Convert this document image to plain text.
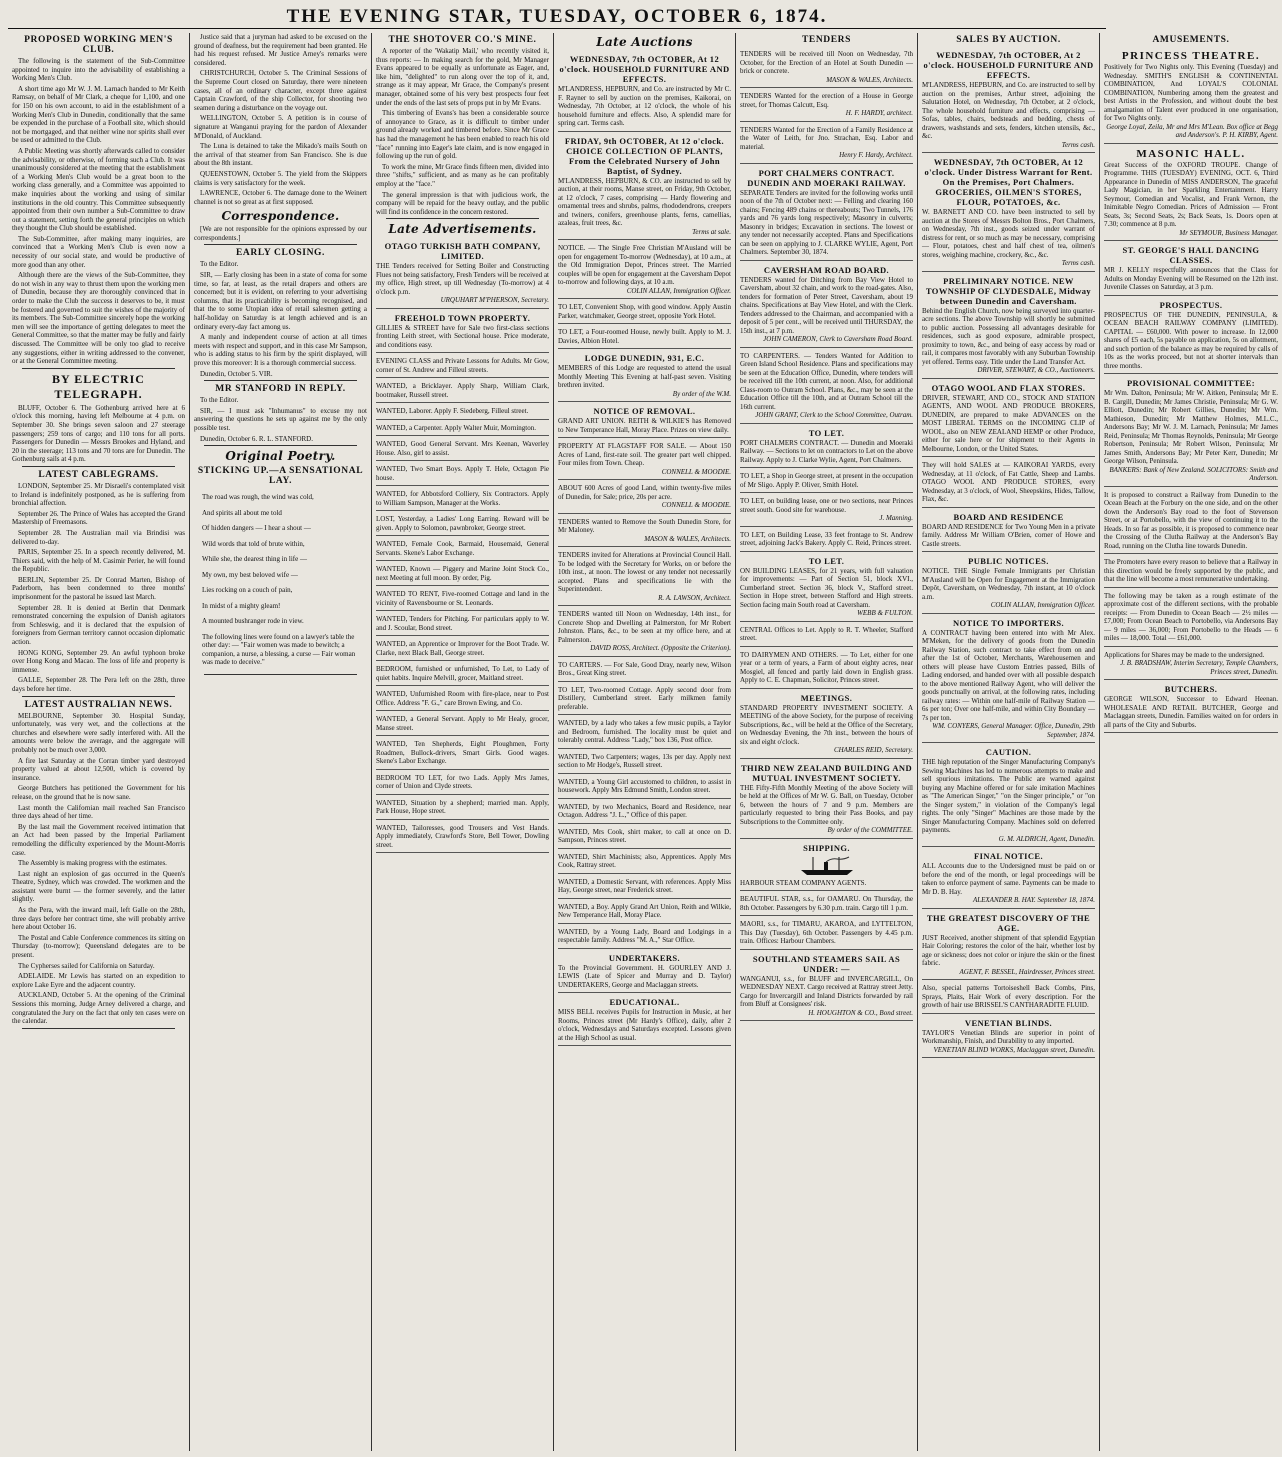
THE EVENING STAR, TUESDAY, OCTOBER 6, 1874.
PROPOSED WORKING MEN'S CLUB.

The following is the statement of the Sub-Committee appointed to inquire into the advisability of establishing a Working Men's Club.

A short time ago Mr W. J. M. Larnach handed to Mr Keith Ramsay, on behalf of Mr Clark, a cheque for 1,100, and one for 150 on his own account, to aid in the establishment of a Working Men's Club in Dunedin, conditionally that the same be expended in the purchase of a Football site, which should not be mortgaged, and that neither wine nor spirits shall ever be used or admitted to the Club.

A Public Meeting was shortly afterwards called to consider the advisability, or otherwise, of forming such a Club. It was unanimously considered at the meeting that the establishment of a Working Men's Club would be a great boon to the working class generally, and a Committee was appointed to make inquiries about the working and using of similar institutions in the old country. This Committee subsequently appointed from their own number a Sub-Committee to draw out a statement, setting forth the general principles on which they thought the Club should be established.

The Sub-Committee, after making many inquiries, are convinced that a Working Men's Club is even now a necessity of our social state, and would be productive of more good than any other.

Although there are the views of the Sub-Committee, they do not wish in any way to thrust them upon the working men of Dunedin, because they are thoroughly convinced that in order to make the Club the success it deserves to be, it must be fostered and governed to suit the wishes of the majority of its members. The Sub-Committee sincerely hope the working men will see the importance of getting delegates to meet the General Committee, so that the matter may be fully and fairly discussed. The Committee will be only too glad to receive any suggestions, either in writing addressed to the convener, or at the General Committee meeting.

BY ELECTRIC TELEGRAPH.

BLUFF, October 6. The Gothenburg arrived here at 6 o'clock this morning, having left Melbourne at 4 p.m. on September 30. She brings seven saloon and 27 steerage passengers; 259 tons of cargo; and 110 tons for all ports. Passengers for Dunedin — Messrs Brookes and Hyland, and 20 in the steerage; 113 tons and 70 tons are for Dunedin. The Gothenburg sails at 4 p.m.

LATEST CABLEGRAMS.

LONDON, September 25. Mr Disraeli's contemplated visit to Ireland is indefinitely postponed, as he is suffering from bronchial affection.

September 26. The Prince of Wales has accepted the Grand Mastership of Freemasons.

September 28. The Australian mail via Brindisi was delivered to-day.

PARIS, September 25. In a speech recently delivered, M. Thiers said, with the help of M. Casimir Perier, he will found the Republic.

BERLIN, September 25. Dr Conrad Marten, Bishop of Paderborn, has been condemned to three months' imprisonment for the pastoral he issued last March.

September 28. It is denied at Berlin that Denmark remonstrated concerning the expulsion of Danish agitators from Schleswig, and it is declared that the expulsion of foreigners from German territory cannot occasion diplomatic action.

HONG KONG, September 29. An awful typhoon broke over Hong Kong and Macao. The loss of life and property is immense.

GALLE, September 28. The Pera left on the 28th, three days before her time.

LATEST AUSTRALIAN NEWS.

MELBOURNE, September 30. Hospital Sunday, unfortunately, was very wet, and the collections at the churches and elsewhere were sadly interfered with. All the amounts were below the average, and the aggregate will probably not be much over 3,000.

A fire last Saturday at the Corran timber yard destroyed property valued at about 12,500, which is covered by insurance.

George Butchers has petitioned the Government for his release, on the ground that he is now sane.

Last month the Californian mail reached San Francisco three days ahead of her time.

By the last mail the Government received intimation that an Act had been passed by the Imperial Parliament remodelling the difficulty experienced by the Mount-Morris case.

The Assembly is making progress with the estimates.

Last night an explosion of gas occurred in the Queen's Theatre, Sydney, which was crowded. The workmen and the assistant were burnt — the former severely, and the latter slightly.

As the Pera, with the inward mail, left Galle on the 28th, three days before her contract time, she will probably arrive here about October 16.

The Postal and Cable Conference commences its sitting on Thursday (to-morrow); Queensland delegates are to be present.

The Cypherses sailed for California on Saturday.

ADELAIDE. Mr Lewis has started on an expedition to explore Lake Eyre and the adjacent country.

AUCKLAND, October 5. At the opening of the Criminal Sessions this morning, Judge Arney delivered a charge, and congratulated the Jury on the fact that only ten cases were on the calendar.

Justice said that a juryman had asked to be excused on the ground of deafness, but the requirement had been granted. He had his request refused. Mr Justice Arney's remarks were considered.

CHRISTCHURCH, October 5. The Criminal Sessions of the Supreme Court closed on Saturday, there were nineteen cases, all of an ordinary character, except three against Captain Crawford, of the ship Collector, for shooting two seamen during a disturbance on the voyage out.

WELLINGTON, October 5. A petition is in course of signature at Wanganui praying for the pardon of Alexander M'Donald, of Auckland.

The Luna is detained to take the Mikado's mails South on the arrival of that steamer from San Francisco. She is due about the 8th instant.

QUEENSTOWN, October 5. The yield from the Skippers claims is very satisfactory for the week.

LAWRENCE, October 6. The damage done to the Weinert channel is not so great as at first supposed.

Correspondence.

[We are not responsible for the opinions expressed by our correspondents.]

EARLY CLOSING.

To the Editor.

SIR, — Early closing has been in a state of coma for some time, so far, at least, as the retail drapers and others are concerned; but it is evident, on referring to your advertising columns, that its practicability is becoming recognised, and that the to some Utopian idea of retail salesmen getting a half-holiday on Saturday is at length achieved and is an ordinary every-day fact among us.

A manly and independent course of action at all times meets with respect and support, and in this case Mr Sampson, who is adding status to his firm by the spirit displayed, will prove this moreover: It is a thorough commercial success.

Dunedin, October 5. VIR.

MR STANFORD IN REPLY.

To the Editor.

SIR, — I must ask "Inhumanus" to excuse my not answering the questions he sets up against me by the only possible test.

Dunedin, October 6. R. L. STANFORD.

Original Poetry.
STICKING UP.—A SENSATIONAL LAY.

The road was rough, the wind was cold,

And spirits all about me told

Of hidden dangers — I hear a shout —

Wild words that told of brute within,

While she, the dearest thing in life —

My own, my best beloved wife —

Lies rocking on a couch of pain,

In midst of a mighty gleam!

A mounted bushranger rode in view.

The following lines were found on a lawyer's table the other day: — "Fair women was made to bewitch; a companion, a nurse, a blessing, a curse — Fair woman was made to deceive."

THE SHOTOVER CO.'S MINE.

A reporter of the 'Wakatip Mail,' who recently visited it, thus reports: — In making search for the gold, Mr Manager Evans appeared to be equally as unfortunate as Eager, and, like him, "delighted" to run along over the top of it, and, strange as it may appear, Mr Grace, the Company's present manager, obtained some of his very best prospects four feet under the ends of the last sets of props put in by Mr Evans.

This timbering of Evans's has been a considerable source of annoyance to Grace, as it is difficult to timber under ground already worked and timbered before. Since Mr Grace has had the management he has been enabled to reach his old "face" running into Eager's late claim, and is now engaged in following up the run of gold.

To work the mine, Mr Grace finds fifteen men, divided into three "shifts," sufficient, and as many as he can profitably employ at the "face."

The general impression is that with judicious work, the company will be repaid for the heavy outlay, and the public will find its confidence in the concern restored.

Late Advertisements.
OTAGO TURKISH BATH COMPANY, LIMITED.
THE Tenders received for Setting Boiler and Constructing Flues not being satisfactory, Fresh Tenders will be received at my office, High street, up till Wednesday (To-morrow) at 4 o'clock p.m.
URQUHART M'PHERSON, Secretary.
FREEHOLD TOWN PROPERTY.
GILLIES & STREET have for Sale two first-class sections fronting Leith street, with Sectional house. Price moderate, and conditions easy.
EVENING CLASS and Private Lessons for Adults. Mr Gow, corner of St. Andrew and Filleul streets.
WANTED, a Bricklayer. Apply Sharp, William Clark, bootmaker, Russell street.
WANTED, Laborer. Apply F. Siedeberg, Filleul street.
WANTED, a Carpenter. Apply Walter Muir, Mornington.
WANTED, Good General Servant. Mrs Keenan, Waverley House. Also, girl to assist.
WANTED, Two Smart Boys. Apply T. Hele, Octagon Pie house.
WANTED, for Abbotsford Colliery, Six Contractors. Apply to William Sampson, Manager at the Works.
LOST, Yesterday, a Ladies' Long Earring. Reward will be given. Apply to Solomon, pawnbroker, George street.
WANTED, Female Cook, Barmaid, Housemaid, General Servants. Skene's Labor Exchange.
WANTED, Known — Piggery and Marine Joint Stock Co., next Meeting at full moon. By order, Pig.
WANTED TO RENT, Five-roomed Cottage and land in the vicinity of Ravensbourne or St. Leonards.
WANTED, Tenders for Pitching. For particulars apply to W. and J. Scoular, Bond street.
WANTED, an Apprentice or Improver for the Boot Trade. W. Clarke, next Black Ball, George street.
BEDROOM, furnished or unfurnished, To Let, to Lady of quiet habits. Inquire Melvill, grocer, Maitland street.
WANTED, Unfurnished Room with fire-place, near to Post Office. Address "F. G.," care Brown Ewing, and Co.
WANTED, a General Servant. Apply to Mr Healy, grocer, Manse street.
WANTED, Ten Shepherds, Eight Ploughmen, Forty Roadmen, Bullock-drivers, Smart Girls. Good wages. Skene's Labor Exchange.
BEDROOM TO LET, for two Lads. Apply Mrs James, corner of Union and Clyde streets.
WANTED, Situation by a shepherd; married man. Apply, Park House, Hope street.
WANTED, Tailoresses, good Trousers and Vest Hands. Apply immediately, Crawford's Store, Bell Tower, Dowling street.
Late Auctions
WEDNESDAY, 7th OCTOBER, At 12 o'clock. HOUSEHOLD FURNITURE AND EFFECTS.
M'LANDRESS, HEPBURN, and Co. are instructed by Mr C. F. Rayner to sell by auction on the premises, Kaikorai, on Wednesday, 7th October, at 12 o'clock, the whole of his household furniture and effects. Also, A splendid mare for spring cart. Terms cash.
FRIDAY, 9th OCTOBER, At 12 o'clock. CHOICE COLLECTION OF PLANTS, From the Celebrated Nursery of John Baptist, of Sydney.
M'LANDRESS, HEPBURN, & CO. are instructed to sell by auction, at their rooms, Manse street, on Friday, 9th October, at 12 o'clock, 7 cases, comprising — Hardy flowering and ornamental trees and shrubs, palms, rhododendrons, creepers and twiners, conifers, greenhouse plants, ferns, camellias, azaleas, fruit trees, &c.
Terms at sale.
NOTICE. — The Single Free Christian M'Ausland will be open for engagement To-morrow (Wednesday), at 10 a.m., at the Old Immigration Depot, Princes street. The Married couples will be open for engagement at the Caversham Depot to-morrow and following days, at 10 a.m.
COLIN ALLAN, Immigration Officer.
TO LET, Convenient Shop, with good window. Apply Austin Parker, watchmaker, George street, opposite York Hotel.
TO LET, a Four-roomed House, newly built. Apply to M. J. Davies, Albion Hotel.
LODGE DUNEDIN, 931, E.C.
MEMBERS of this Lodge are requested to attend the usual Monthly Meeting This Evening at half-past seven. Visiting brethren invited.
By order of the W.M.
NOTICE OF REMOVAL.
GRAND ART UNION. REITH & WILKIE'S has Removed to New Temperance Hall, Moray Place. Prizes on view daily.
PROPERTY AT FLAGSTAFF FOR SALE. — About 150 Acres of Land, first-rate soil. The greater part well chipped. Four miles from Town. Cheap.
CONNELL & MOODIE.
ABOUT 600 Acres of good Land, within twenty-five miles of Dunedin, for Sale; price, 20s per acre.
CONNELL & MOODIE.
TENDERS wanted to Remove the South Dunedin Store, for Mr Maloney.
MASON & WALES, Architects.
TENDERS invited for Alterations at Provincial Council Hall. To be lodged with the Secretary for Works, on or before the 10th inst., at noon. The lowest or any tender not necessarily accepted. Plans and specifications lie with the Superintendent.
R. A. LAWSON, Architect.
TENDERS wanted till Noon on Wednesday, 14th inst., for Concrete Shop and Dwelling at Palmerston, for Mr Robert Johnston. Plans, &c., to be seen at my office here, and at Palmerston.
DAVID ROSS, Architect. (Opposite the Criterion).
TO CARTERS. — For Sale, Good Dray, nearly new, Wilson Bros., Great King street.
TO LET, Two-roomed Cottage. Apply second door from Distillery, Cumberland street. Early milkmen family preferable.
WANTED, by a lady who takes a few music pupils, a Taylor and Bedroom, furnished. The locality must be quiet and tolerably central. Address "Lady," box 136, Post office.
WANTED, Two Carpenters; wages, 13s per day. Apply next section to Mr Hodge's, Russell street.
WANTED, a Young Girl accustomed to children, to assist in housework. Apply Mrs Edmund Smith, London street.
WANTED, by two Mechanics, Board and Residence, near Octagon. Address "J. L.," Office of this paper.
WANTED, Mrs Cook, shirt maker, to call at once on D. Sampson, Princes street.
WANTED, Shirt Machinists; also, Apprentices. Apply Mrs Cook, Rattray street.
WANTED, a Domestic Servant, with references. Apply Miss Hay, George street, near Frederick street.
WANTED, a Boy. Apply Grand Art Union, Reith and Wilkie, New Temperance Hall, Moray Place.
WANTED, by a Young Lady, Board and Lodgings in a respectable family. Address "M. A.," Star Office.
UNDERTAKERS.
To the Provincial Government. H. GOURLEY AND J. LEWIS (Late of Spicer and Murray and D. Taylor) UNDERTAKERS, George and Maclaggan streets.
EDUCATIONAL.
MISS BELL receives Pupils for Instruction in Music, at her Rooms, Princes street (Mr Hardy's Office), daily, after 2 o'clock, Wednesdays and Saturdays excepted. Lessons given at the High School as usual.
TENDERS
TENDERS will be received till Noon on Wednesday, 7th October, for the Erection of an Hotel at South Dunedin — brick or concrete.
MASON & WALES, Architects.
TENDERS Wanted for the erection of a House in George street, for Thomas Calcutt, Esq.
H. F. HARDY, architect.
TENDERS Wanted for the Erection of a Family Residence at the Water of Leith, for Jno. Strachan, Esq. Labor and material.
Henry F. Hardy, Architect.
PORT CHALMERS CONTRACT. DUNEDIN AND MOERAKI RAILWAY.
SEPARATE Tenders are invited for the following works until noon of the 7th of October next: — Felling and clearing 160 chains; Fencing 489 chains or thereabouts; Two Tunnels, 176 yards and 76 yards long respectively; Masonry in culverts; Masonry in bridges; Excavation in sections. The lowest or any tender not necessarily accepted. Plans and Specifications can be seen on applying to J. CLARKE WYLIE, Agent, Port Chalmers. September 30, 1874.
CAVERSHAM ROAD BOARD.
TENDERS wanted for Ditching from Bay View Hotel to Caversham, about 32 chain, and work to the road-gates. Also, tenders for formation of Peter Street, Caversham, about 19 chains. Specifications at Bay View Hotel, and with the Clerk. Tenders addressed to the Chairman, and accompanied with a deposit of 5 per cent., will be received until THURSDAY, the 15th inst., at 7 p.m.
JOHN CAMERON, Clerk to Caversham Road Board.
TO CARPENTERS. — Tenders Wanted for Addition to Green Island School Residence. Plans and specifications may be seen at the Education Office, Dunedin, where tenders will be received till the 10th current, at noon. Also, for additional Class-room to Outram School. Plans, &c., may be seen at the Education Office till the 10th, and at Outram School till the 16th current.
JOHN GRANT, Clerk to the School Committee, Outram.
TO LET.
PORT CHALMERS CONTRACT. — Dunedin and Moeraki Railway. — Sections to let on contractors to Let on the above Railway. Apply to J. Clarke Wylie, Agent, Port Chalmers.
TO LET, a Shop in George street, at present in the occupation of Mr Sligo. Apply P. Oliver, Smith Hotel.
TO LET, on building lease, one or two sections, near Princes street south. Good site for warehouse.
J. Manning.
TO LET, on Building Lease, 33 feet frontage to St. Andrew street, adjoining Jack's Bakery. Apply C. Reid, Princes street.
TO LET.
ON BUILDING LEASES, for 21 years, with full valuation for improvements: — Part of Section 51, block XVI., Cumberland street. Section 36, block V., Stafford street. Section in Hope street, between Stafford and High streets. Section facing main South road at Caversham.
WEBB & FULTON.
CENTRAL Offices to Let. Apply to R. T. Wheeler, Stafford street.
TO DAIRYMEN AND OTHERS. — To Let, either for one year or a term of years, a Farm of about eighty acres, near Mosgiel, all fenced and partly laid down in English grass. Apply to C. E. Chapman, Solicitor, Princes street.
MEETINGS.
STANDARD PROPERTY INVESTMENT SOCIETY. A MEETING of the above Society, for the purpose of receiving Subscriptions, &c., will be held at the Office of the Secretary, on Wednesday Evening, the 7th inst., between the hours of six and eight o'clock.
CHARLES REID, Secretary.
THIRD NEW ZEALAND BUILDING AND MUTUAL INVESTMENT SOCIETY.
THE Fifty-Fifth Monthly Meeting of the above Society will be held at the Offices of Mr W. G. Ball, on Tuesday, October 6, between the hours of 7 and 9 p.m. Members are particularly requested to bring their Pass Books, and pay Subscriptions to the Committee only.
By order of the COMMITTEE.
SHIPPING.
HARBOUR STEAM COMPANY AGENTS.
BEAUTIFUL STAR, s.s., for OAMARU. On Thursday, the 8th October. Passengers by 6.30 p.m. train. Cargo till 1 p.m.
MAORI, s.s., for TIMARU, AKAROA, and LYTTELTON, This Day (Tuesday), 6th October. Passengers by 4.45 p.m. train. Offices: Harbour Chambers.
SOUTHLAND STEAMERS SAIL AS UNDER: —
WANGANUI, s.s., for BLUFF and INVERCARGILL, On WEDNESDAY NEXT. Cargo received at Rattray street Jetty. Cargo for Invercargill and Inland Districts forwarded by rail from Bluff at Consignees' risk.
H. HOUGHTON & CO., Bond street.
SALES BY AUCTION.
WEDNESDAY, 7th OCTOBER, At 2 o'clock. HOUSEHOLD FURNITURE AND EFFECTS.
M'LANDRESS, HEPBURN, and Co. are instructed to sell by auction on the premises, Arthur street, adjoining the Salutation Hotel, on Wednesday, 7th October, at 2 o'clock, The whole household furniture and effects, comprising — Sofas, tables, chairs, bedsteads and bedding, chests of drawers, washstands and sets, fenders, kitchen utensils, &c., &c.
Terms cash.
WEDNESDAY, 7th OCTOBER, At 12 o'clock. Under Distress Warrant for Rent. On the Premises, Port Chalmers. GROCERIES, OILMEN'S STORES, FLOUR, POTATOES, &c.
W. BARNETT AND CO. have been instructed to sell by auction at the Stores of Messrs Bolton Bros., Port Chalmers, on Wednesday, 7th inst., goods seized under warrant of distress for rent, or so much as may be necessary, comprising — Flour, potatoes, chest and half chest of tea, oilmen's stores, weighing machine, crockery, &c., &c.
Terms cash.
PRELIMINARY NOTICE. NEW TOWNSHIP OF CLYDESDALE, Midway between Dunedin and Caversham.
Behind the English Church, now being surveyed into quarter-acre sections. The above Township will shortly be submitted to public auction. Possessing all advantages desirable for residences, such as good exposure, admirable prospect, proximity to town, &c., and being of easy access by road or rail, it compares most favorably with any Suburban Township yet offered. Terms easy. Title under the Land Transfer Act.
DRIVER, STEWART, & CO., Auctioneers.
OTAGO WOOL AND FLAX STORES.
DRIVER, STEWART, AND CO., STOCK AND STATION AGENTS, AND WOOL AND PRODUCE BROKERS, DUNEDIN, are prepared to make ADVANCES on the MOST LIBERAL TERMS on the INCOMING CLIP of WOOL, also on NEW ZEALAND HEMP or other Produce, either for sale here or for shipment to their Agents in Melbourne, London, or the United States.
They will hold SALES at — KAIKORAI YARDS, every Wednesday, at 11 o'clock, of Fat Cattle, Sheep and Lambs. OTAGO WOOL AND PRODUCE STORES, every Wednesday, at 3 o'clock, of Wool, Sheepskins, Hides, Tallow, Flax, &c.
BOARD AND RESIDENCE
BOARD AND RESIDENCE for Two Young Men in a private family. Address Mr William O'Brien, corner of Howe and Castle streets.
PUBLIC NOTICES.
NOTICE. THE Single Female Immigrants per Christian M'Ausland will be Open for Engagement at the Immigration Depôt, Caversham, on Wednesday, 7th instant, at 10 o'clock a.m.
COLIN ALLAN, Immigration Officer.
NOTICE TO IMPORTERS.
A CONTRACT having been entered into with Mr Alex. M'Meken, for the delivery of goods from the Dunedin Railway Station, such contract to take effect from on and after the 1st of October, Merchants, Warehousemen and others will please have Custom Entries passed, Bills of Lading endorsed, and handed over with all possible despatch to the above mentioned Railway Agent, who will deliver the goods punctually on arrival, at the following rates, including railway rates: — Within one half-mile of Railway Station — 6s per ton; Over one half-mile, and within City Boundary — 7s per ton.
WM. CONYERS, General Manager. Office, Dunedin, 29th September, 1874.
CAUTION.
THE high reputation of the Singer Manufacturing Company's Sewing Machines has led to numerous attempts to make and sell spurious imitations. The Public are warned against buying any Machine offered or for sale imitation Machines as "The American Singer," "on the Singer principle," or "on the Singer system," in violation of the Company's legal rights. The only "Singer" Machines are those made by the Singer Manufacturing Company. Machines sold on deferred payments.
G. M. ALDRICH, Agent, Dunedin.
FINAL NOTICE.
ALL Accounts due to the Undersigned must be paid on or before the end of the month, or legal proceedings will be taken to enforce payment of same. Payments can be made to Mr D. B. Hay.
ALEXANDER B. HAY. September 18, 1874.
THE GREATEST DISCOVERY OF THE AGE.
JUST Received, another shipment of that splendid Egyptian Hair Coloring; restores the color of the hair, whether lost by age or sickness; does not color or injure the skin or the finest fabric.
AGENT, F. BESSEL, Hairdresser, Princes street.
Also, special patterns Tortoiseshell Back Combs, Pins, Sprays, Plaits, Hair Work of every description. For the growth of hair use BRISSEL'S CANTHARADITE FLUID.
VENETIAN BLINDS.
TAYLOR'S Venetian Blinds are superior in point of Workmanship, Finish, and Durability to any imported.
VENETIAN BLIND WORKS, Maclaggan street, Dunedin.
AMUSEMENTS.
PRINCESS THEATRE.
Positively for Two Nights only. This Evening (Tuesday) and Wednesday. SMITH'S ENGLISH & CONTINENTAL COMBINATION, And LOYAL'S COLONIAL COMBINATION, Numbering among them the greatest and best Artists in the Profession, and without doubt the best amalgamation of Talent ever produced in one organisation, for Two Nights only.
George Loyal, Zeila, Mr and Mrs M'Lean. Box office at Begg and Anderson's. P. H. KIRBY, Agent.
MASONIC HALL.
Great Success of the OXFORD TROUPE. Change of Programme. THIS (TUESDAY) EVENING, OCT. 6, Third Appearance in Dunedin of MISS ANDERSON, The graceful Lady Magician, in her Sparkling Entertainment. Harry Seymour, Comedian and Vocalist, and Frank Vernon, the Inimitable Negro Comedian. Prices of Admission — Front Seats, 3s; Second Seats, 2s; Back Seats, 1s. Doors open at 7.30; commence at 8 p.m.
Mr SEYMOUR, Business Manager.
ST. GEORGE'S HALL DANCING CLASSES.
MR J. KELLY respectfully announces that the Class for Adults on Monday Evening will be Resumed on the 12th inst. Juvenile Classes on Saturday, at 3 p.m.
PROSPECTUS.
PROSPECTUS OF THE DUNEDIN, PENINSULA, & OCEAN BEACH RAILWAY COMPANY (LIMITED). CAPITAL — £60,000. With power to increase. In 12,000 shares of £5 each, 5s payable on application, 5s on allotment, and such portion of the balance as may be required by calls of 10s as the works proceed, but not at shorter intervals than three months.
PROVISIONAL COMMITTEE:
Mr Wm. Dalton, Peninsula; Mr W. Aitken, Peninsula; Mr E. B. Cargill, Dunedin; Mr James Christie, Peninsula; Mr G. W. Elliott, Dunedin; Mr Robert Gillies, Dunedin; Mr Wm. Mathieson, Dunedin; Mr Matthew Holmes, M.L.C., Andersons Bay; Mr W. J. M. Larnach, Peninsula; Mr James Reid, Peninsula; Mr Thomas Reynolds, Peninsula; Mr George Robertson, Peninsula; Mr Robert Wilson, Peninsula; Mr James Smith, Andersons Bay; Mr Peter Kerr, Dunedin; Mr George Wilson, Peninsula.
BANKERS: Bank of New Zealand. SOLICITORS: Smith and Anderson.
It is proposed to construct a Railway from Dunedin to the Ocean Beach at the Forbury on the one side, and on the other down the Anderson's Bay road to the foot of Stevenson Street, or at Portobello, with the view of continuing it to the Heads. In so far as possible, it is proposed to commence near the Crossing of the Clutha Railway at the Anderson's Bay Road, running on the Clutha line towards Dunedin.
The Promoters have every reason to believe that a Railway in this direction would be freely supported by the public, and that the line will become a most remunerative undertaking.
The following may be taken as a rough estimate of the approximate cost of the different sections, with the probable receipts: — From Dunedin to Ocean Beach — 2½ miles — £7,000; From Ocean Beach to Portobello, via Andersons Bay — 9 miles — 36,000; From Portobello to the Heads — 6 miles — 18,000. Total — £61,000.
Applications for Shares may be made to the undersigned.
J. B. BRADSHAW, Interim Secretary, Temple Chambers, Princes street, Dunedin.
BUTCHERS.
GEORGE WILSON, Successor to Edward Heenan. WHOLESALE AND RETAIL BUTCHER, George and Maclaggan streets, Dunedin. Families waited on for orders in all parts of the City and Suburbs.
